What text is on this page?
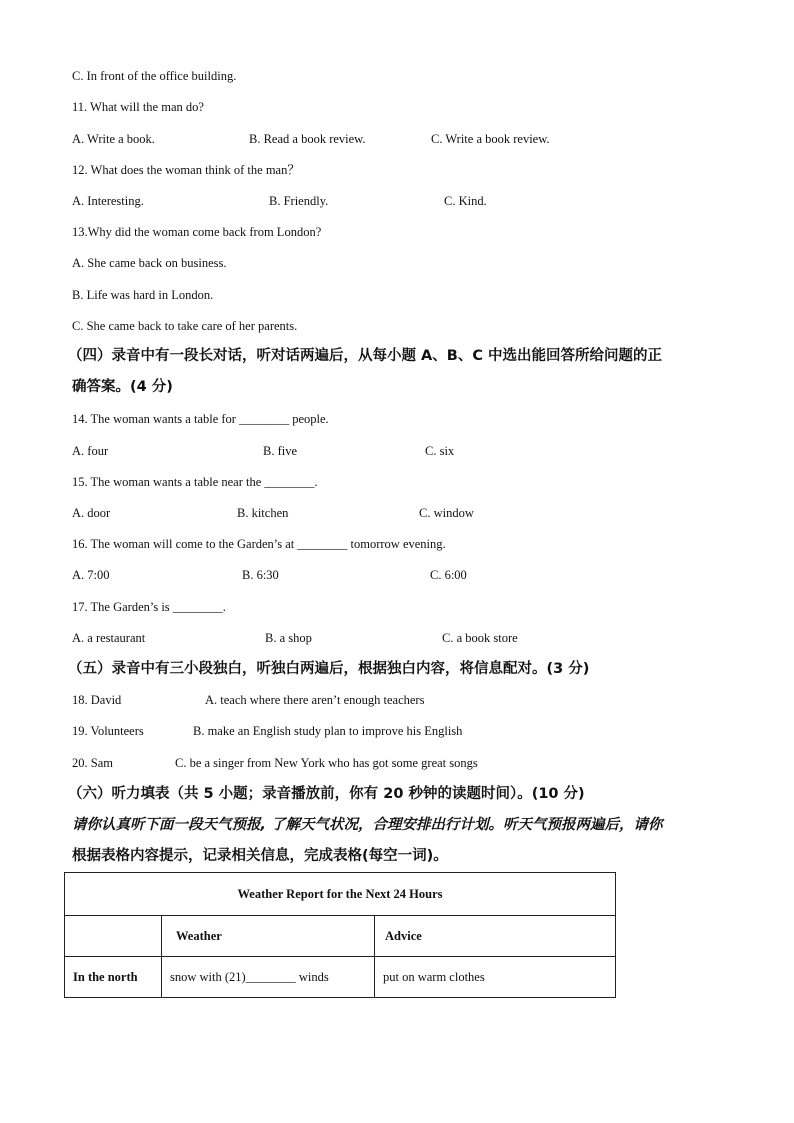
C. In front of the office building.
11. What will the man do?
A. Write a book.	B. Read a book review.	C. Write a book review.
12. What does the woman think of the man？
A. Interesting.	B. Friendly.	C. Kind.
13.Why did the woman come back from London?
A. She came back on business.
B. Life was hard in London.
C. She came back to take care of her parents.
（四）录音中有一段长对话，听对话两遍后，从每小题 A、B、C 中选出能回答所给问题的正
确答案。(4 分)
14. The woman wants a table for ________ people.
A. four	B. five	C. six
15. The woman wants a table near the ________.
A. door	B. kitchen	C. window
16. The woman will come to the Garden’s at ________ tomorrow evening.
A. 7:00	B. 6:30	C. 6:00
17. The Garden’s is ________.
A. a restaurant	B. a shop	C. a book store
（五）录音中有三小段独白，听独白两遍后，根据独白内容，将信息配对。(3 分)
18. David	A. teach where there aren’t enough teachers
19. Volunteers	B. make an English study plan to improve his English
20. Sam	C. be a singer from New York who has got some great songs
（六）听力填表（共 5 小题；录音播放前，你有 20 秒钟的读题时间）。(10 分)
请你认真听下面一段天气预报, 了解天气状况，合理安排出行计划。听天气预报两遍后，请你
根据表格内容提示，记录相关信息，完成表格(每空一词)。
Weather Report for the Next 24 Hours		
	Weather	Advice
In the north	snow with (21)________ winds	put on warm clothes
